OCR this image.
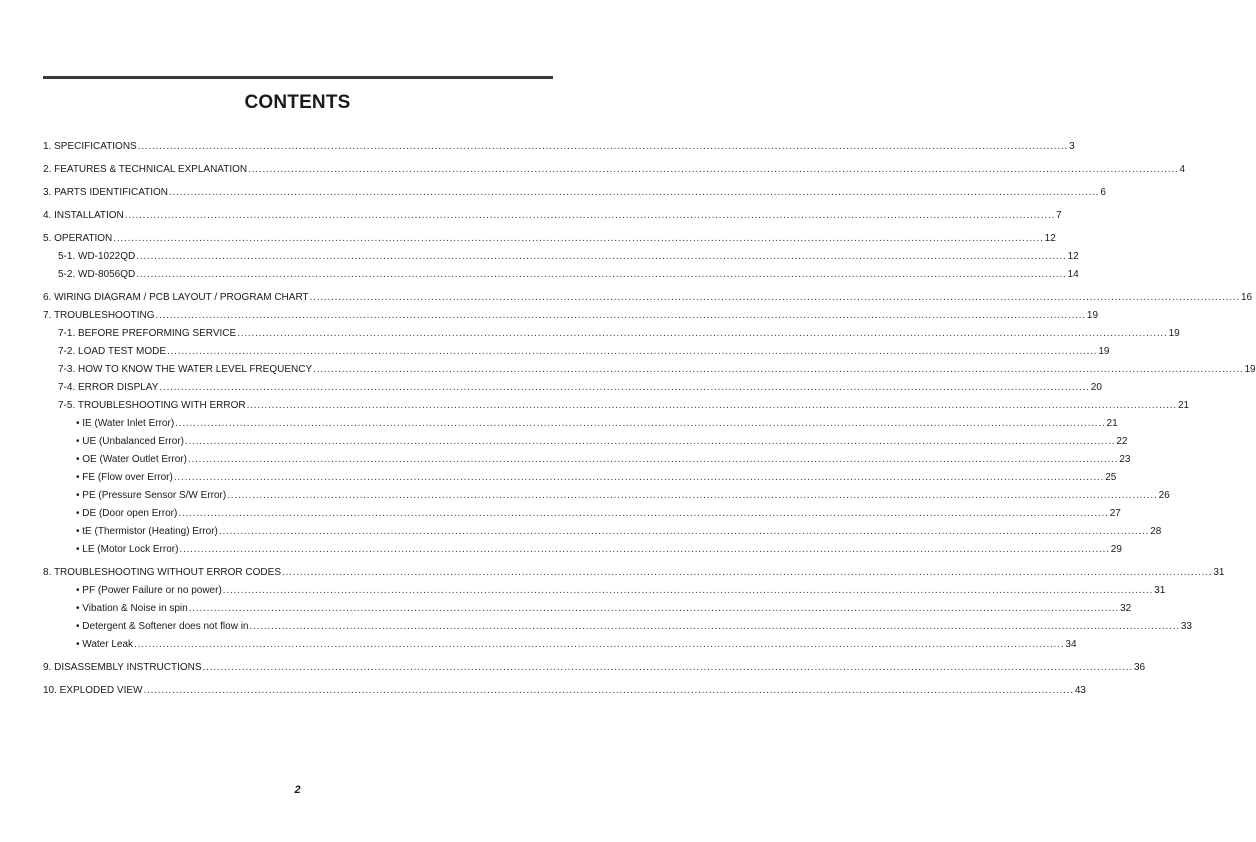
CONTENTS
1. SPECIFICATIONS .................................................................................................................................................................................................................................................................... 3
2. FEATURES & TECHNICAL EXPLANATION .................................................................................................................................................................................................................................................................... 4
3. PARTS IDENTIFICATION .................................................................................................................................................................................................................................................................... 6
4. INSTALLATION .................................................................................................................................................................................................................................................................... 7
5. OPERATION .................................................................................................................................................................................................................................................................... 12
5-1. WD-1022QD .................................................................................................................................................................................................................................................................... 12
5-2. WD-8056QD .................................................................................................................................................................................................................................................................... 14
6. WIRING DIAGRAM / PCB LAYOUT / PROGRAM CHART .................................................................................................................................................................................................................................................................... 16
7. TROUBLESHOOTING .................................................................................................................................................................................................................................................................... 19
7-1. BEFORE PREFORMING SERVICE .................................................................................................................................................................................................................................................................... 19
7-2. LOAD TEST MODE .................................................................................................................................................................................................................................................................... 19
7-3. HOW TO KNOW THE WATER LEVEL FREQUENCY .................................................................................................................................................................................................................................................................... 19
7-4. ERROR DISPLAY .................................................................................................................................................................................................................................................................... 20
7-5. TROUBLESHOOTING WITH ERROR .................................................................................................................................................................................................................................................................... 21
• IE (Water Inlet Error) .................................................................................................................................................................................................................................................................... 21
• UE (Unbalanced Error) .................................................................................................................................................................................................................................................................... 22
• OE (Water Outlet Error) .................................................................................................................................................................................................................................................................... 23
• FE (Flow over Error) .................................................................................................................................................................................................................................................................... 25
• PE (Pressure Sensor S/W Error) .................................................................................................................................................................................................................................................................... 26
• DE (Door open Error) .................................................................................................................................................................................................................................................................... 27
• tE (Thermistor (Heating) Error) .................................................................................................................................................................................................................................................................... 28
• LE (Motor Lock Error) .................................................................................................................................................................................................................................................................... 29
8. TROUBLESHOOTING WITHOUT ERROR CODES .................................................................................................................................................................................................................................................................... 31
• PF (Power Failure or no power) .................................................................................................................................................................................................................................................................... 31
• Vibation & Noise in spin .................................................................................................................................................................................................................................................................... 32
• Detergent & Softener does not flow in .................................................................................................................................................................................................................................................................... 33
• Water Leak .................................................................................................................................................................................................................................................................... 34
9. DISASSEMBLY INSTRUCTIONS .................................................................................................................................................................................................................................................................... 36
10. EXPLODED VIEW .................................................................................................................................................................................................................................................................... 43
2
